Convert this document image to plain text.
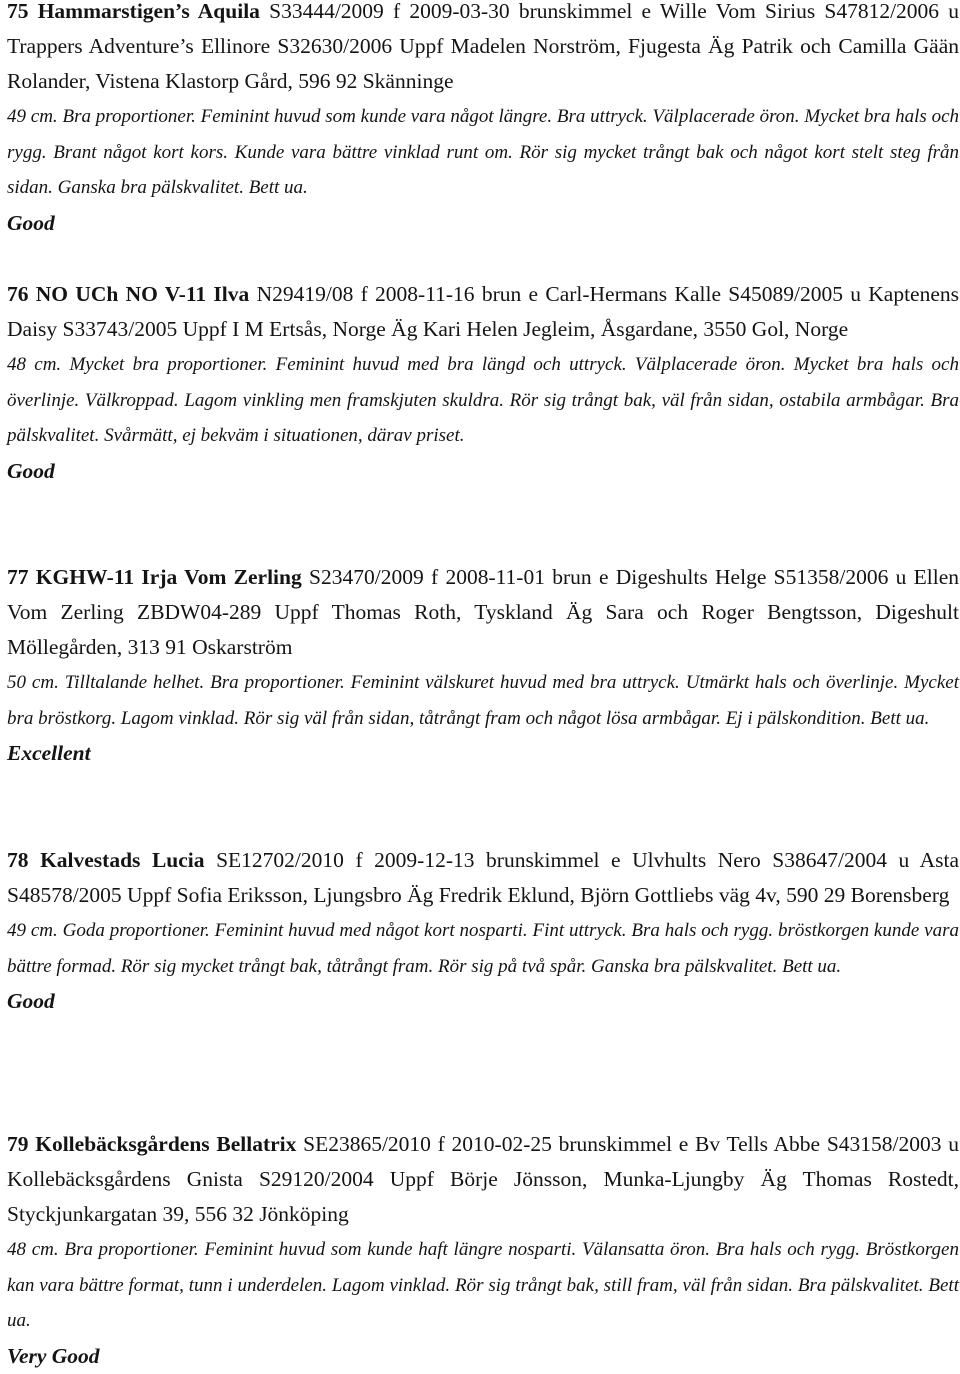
75 Hammarstigen’s Aquila S33444/2009 f 2009-03-30 brunskimmel e Wille Vom Sirius S47812/2006 u Trappers Adventure’s Ellinore S32630/2006 Uppf Madelen Norström, Fjugesta Äg Patrik och Camilla Gään Rolander, Vistena Klastorp Gård, 596 92 Skänninge

49 cm. Bra proportioner. Feminint huvud som kunde vara något längre. Bra uttryck. Välplacerade öron. Mycket bra hals och rygg. Brant något kort kors. Kunde vara bättre vinklad runt om. Rör sig mycket trångt bak och något kort stelt steg från sidan. Ganska bra pälskvalitet. Bett ua.

Good

76 NO UCh NO V-11 Ilva N29419/08 f 2008-11-16 brun e Carl-Hermans Kalle S45089/2005 u Kaptenens Daisy S33743/2005 Uppf I M Ertsås, Norge Äg Kari Helen Jegleim, Åsgardane, 3550 Gol, Norge

48 cm. Mycket bra proportioner. Feminint huvud med bra längd och uttryck. Välplacerade öron. Mycket bra hals och överlinje. Välkroppad. Lagom vinkling men framskjuten skuldra. Rör sig trångt bak, väl från sidan, ostabila armbågar. Bra pälskvalitet. Svårmätt, ej bekväm i situationen, därav priset.

Good

77 KGHW-11 Irja Vom Zerling S23470/2009 f 2008-11-01 brun e Digeshults Helge S51358/2006 u Ellen Vom Zerling ZBDW04-289 Uppf Thomas Roth, Tyskland Äg Sara och Roger Bengtsson, Digeshult Möllegården, 313 91 Oskarström

50 cm. Tilltalande helhet. Bra proportioner. Feminint välskuret huvud med bra uttryck. Utmärkt hals och överlinje. Mycket bra bröstkorg. Lagom vinklad. Rör sig väl från sidan, tåtrångt fram och något lösa armbågar. Ej i pälskondition. Bett ua.

Excellent

78 Kalvestads Lucia SE12702/2010 f 2009-12-13 brunskimmel e Ulvhults Nero S38647/2004 u Asta S48578/2005 Uppf Sofia Eriksson, Ljungsbro Äg Fredrik Eklund, Björn Gottliebs väg 4v, 590 29 Borensberg

49 cm. Goda proportioner. Feminint huvud med något kort nosparti. Fint uttryck. Bra hals och rygg. bröstkorgen kunde vara bättre formad. Rör sig mycket trångt bak, tåtrångt fram. Rör sig på två spår. Ganska bra pälskvalitet. Bett ua.

Good

79 Kollebäcksgårdens Bellatrix SE23865/2010 f 2010-02-25 brunskimmel e Bv Tells Abbe S43158/2003 u Kollebäcksgårdens Gnista S29120/2004 Uppf Börje Jönsson, Munka-Ljungby Äg Thomas Rostedt, Styckjunkargatan 39, 556 32 Jönköping

48 cm. Bra proportioner. Feminint huvud som kunde haft längre nosparti. Välansatta öron. Bra hals och rygg. Bröstkorgen kan vara bättre format, tunn i underdelen. Lagom vinklad. Rör sig trångt bak, still fram, väl från sidan. Bra pälskvalitet. Bett ua.

Very Good
